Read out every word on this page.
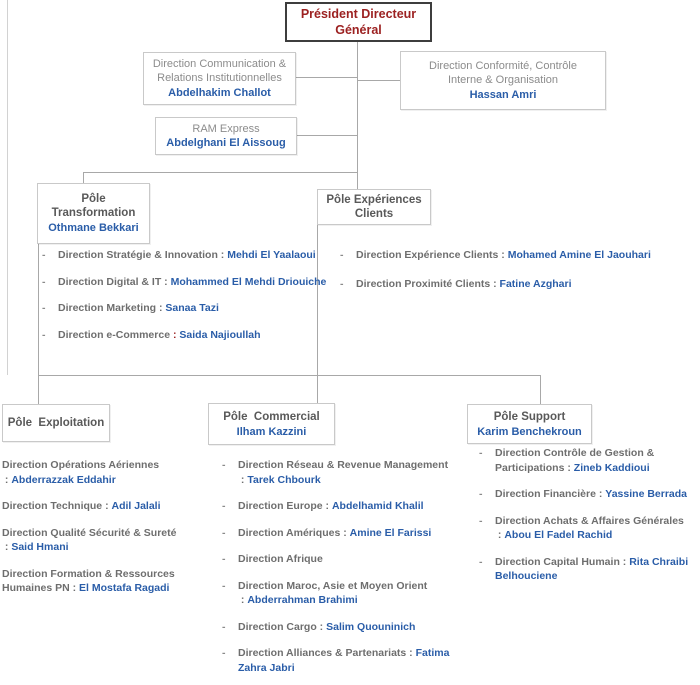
Président Directeur
Général
Direction Communication &
Relations Institutionnelles
Abdelhakim Challot
Direction Conformité, Contrôle
Interne & Organisation
Hassan Amri
RAM Express
Abdelghani El Aissoug
Pôle
Transformation
Othmane Bekkari
Pôle Expériences
Clients
Pôle  Exploitation
Pôle  Commercial
Ilham Kazzini
Pôle Support
Karim Benchekroun
-	Direction Stratégie & Innovation : Mehdi El Yaalaoui
-	Direction Digital & IT : Mohammed El Mehdi Driouiche
-	Direction Marketing : Sanaa Tazi
-	Direction e-Commerce : Saida Najioullah
-	Direction Expérience Clients : Mohamed Amine El Jaouhari
-	Direction Proximité Clients : Fatine Azghari
Direction Opérations Aériennes : Abderrazzak Eddahir
Direction Technique : Adil Jalali
Direction Qualité Sécurité & Sureté : Said Hmani
Direction Formation & Ressources Humaines PN : El Mostafa Ragadi
-	Direction Réseau & Revenue Management : Tarek Chbourk
-	Direction Europe : Abdelhamid Khalil
-	Direction Amériques : Amine El Farissi
-	Direction Afrique
-	Direction Maroc, Asie et Moyen Orient : Abderrahman Brahimi
-	Direction Cargo : Salim Quouninich
-	Direction Alliances & Partenariats : Fatima Zahra Jabri
-	Direction Contrôle de Gestion & Participations : Zineb Kaddioui
-	Direction Financière : Yassine Berrada
-	Direction Achats & Affaires Générales : Abou El Fadel Rachid
-	Direction Capital Humain : Rita Chraibi Belhouciene
